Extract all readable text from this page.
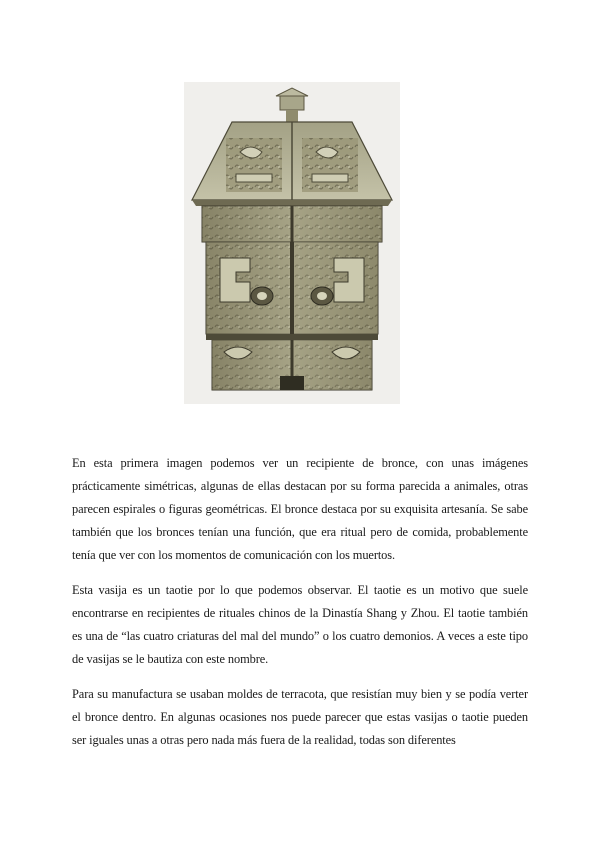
En esta primera imagen podemos ver un recipiente de bronce, con unas imágenes prácticamente simétricas, algunas de ellas destacan por su forma parecida a animales, otras parecen espirales o figuras geométricas. El bronce destaca por su exquisita artesanía. Se sabe también que los bronces tenían una función, que era ritual pero de comida, probablemente tenía que ver con los momentos de comunicación con los muertos.

Esta vasija es un taotie por lo que podemos observar. El taotie es un motivo que suele encontrarse en recipientes de rituales chinos de la Dinastía Shang y Zhou. El taotie también es una de “las cuatro criaturas del mal del mundo” o los cuatro demonios. A veces a este tipo de vasijas se le bautiza con este nombre.

Para su manufactura se usaban moldes de terracota, que resistían muy bien y se podía verter el bronce dentro. En algunas ocasiones nos puede parecer que estas vasijas o taotie pueden ser iguales unas a otras pero nada más fuera de la realidad, todas son diferentes
